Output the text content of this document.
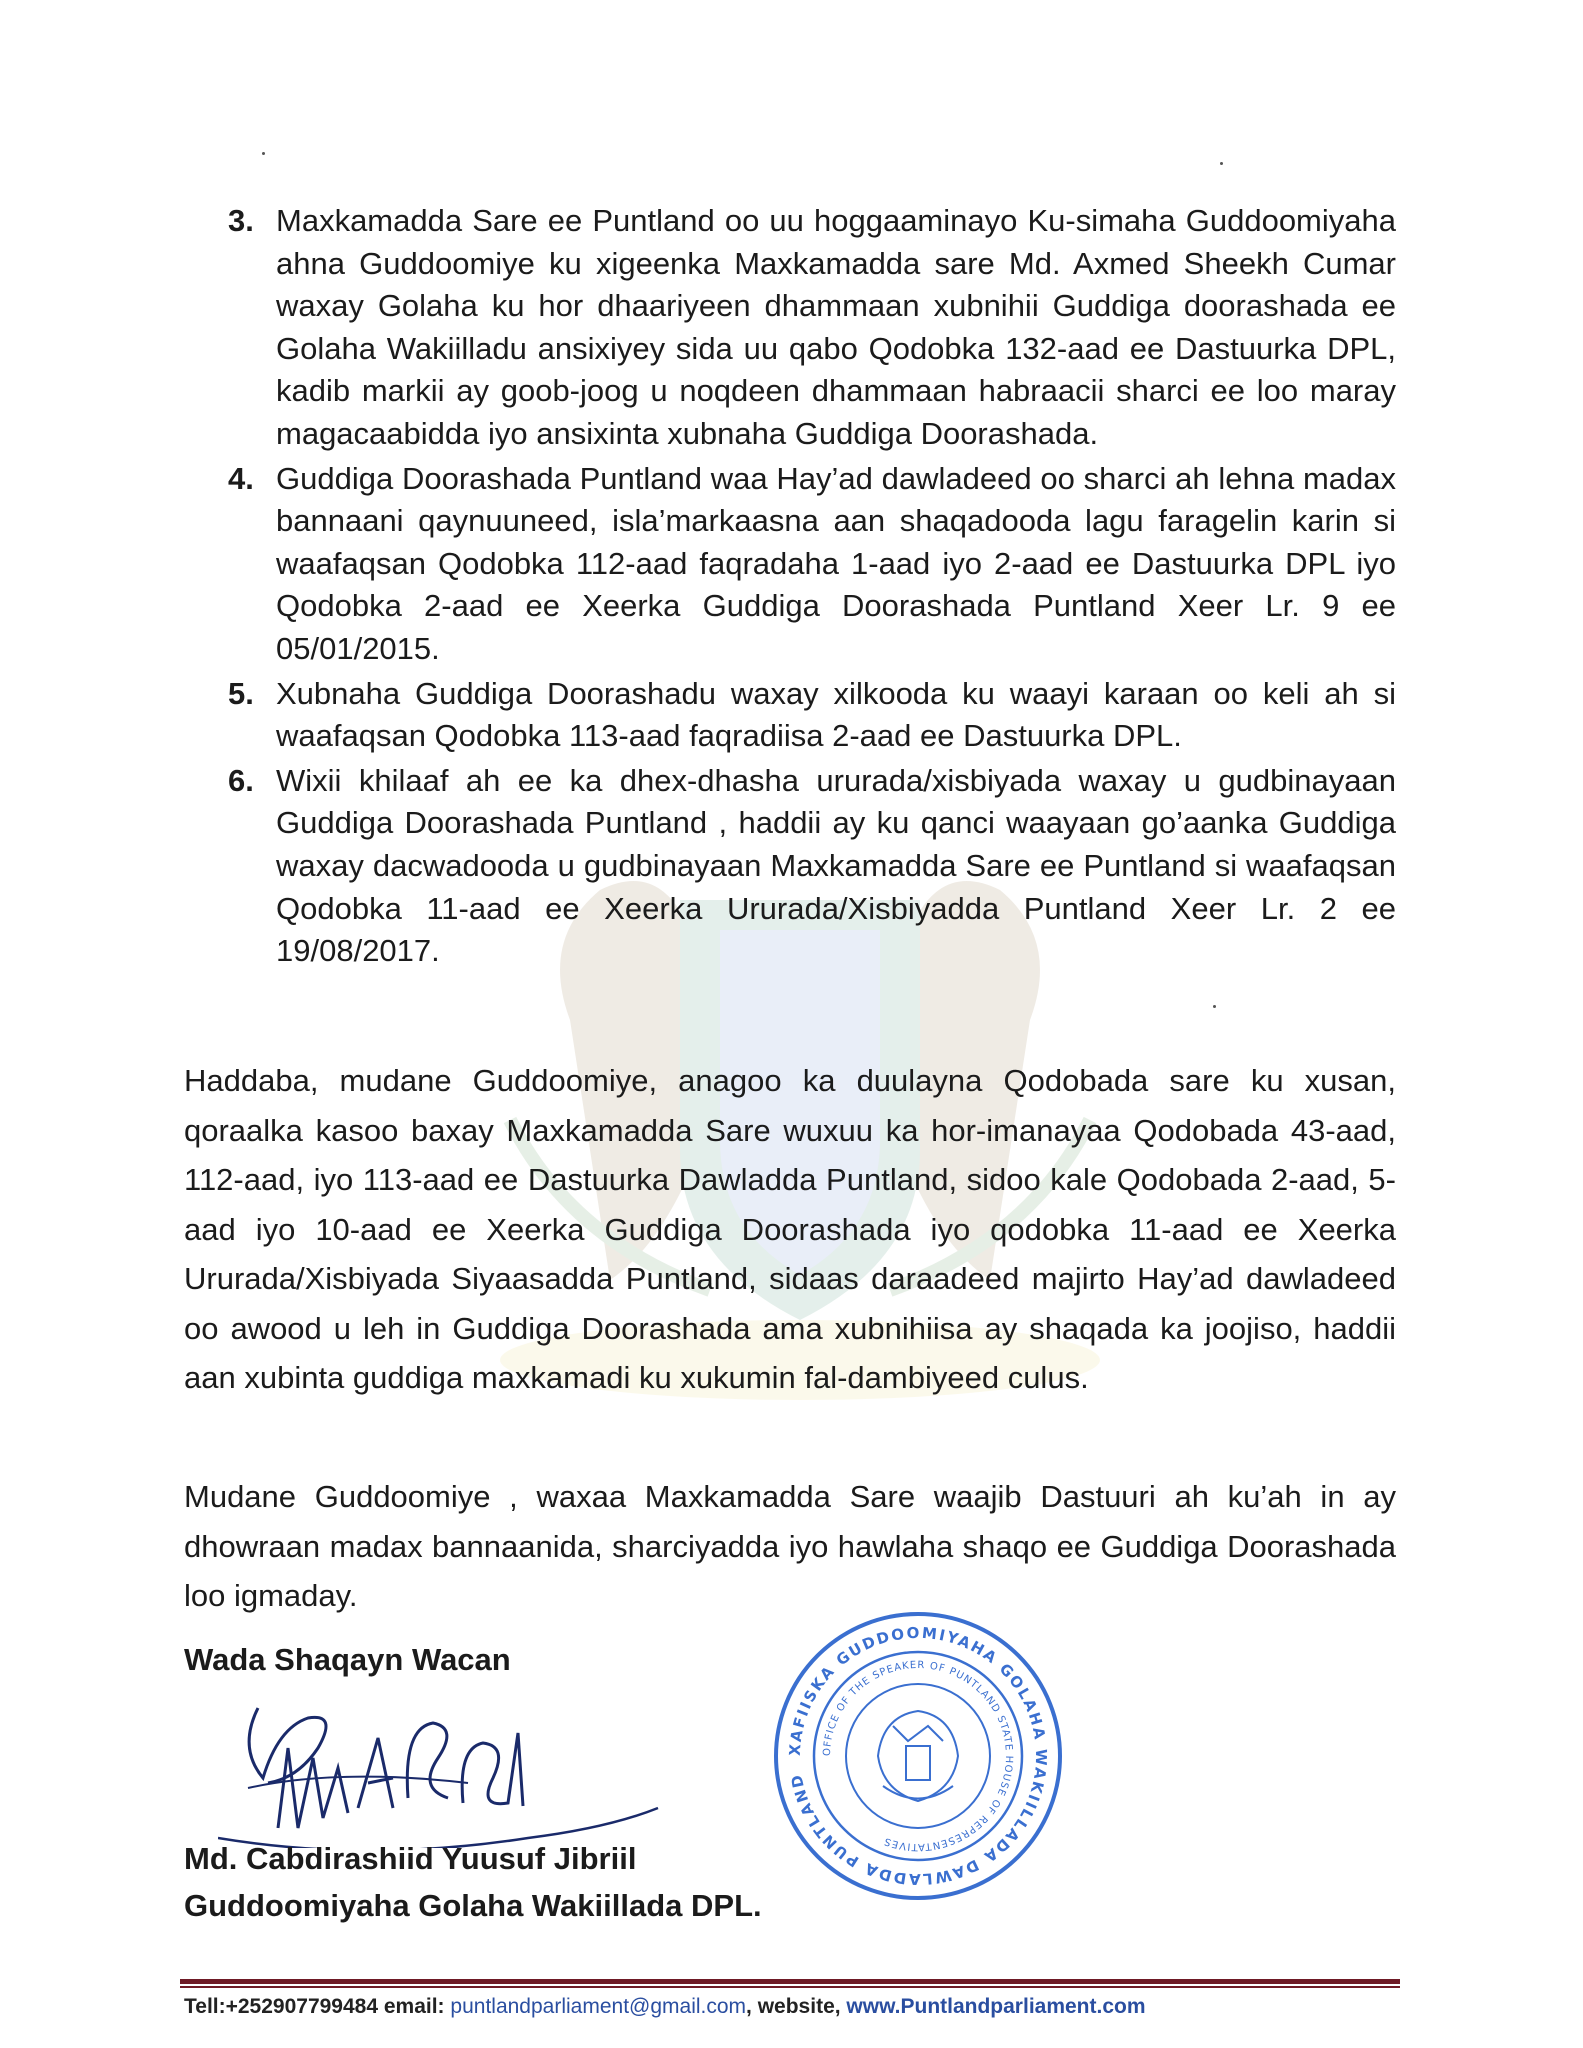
3. Maxkamadda Sare ee Puntland oo uu hoggaaminayo Ku-simaha Guddoomiyaha ahna Guddoomiye ku xigeenka Maxkamadda sare Md. Axmed Sheekh Cumar waxay Golaha ku hor dhaariyeen dhammaan xubnihii Guddiga doorashada ee Golaha Wakiilladu ansixiyey sida uu qabo Qodobka 132-aad ee Dastuurka DPL, kadib markii ay goob-joog u noqdeen dhammaan habraacii sharci ee loo maray magacaabidda iyo ansixinta xubnaha Guddiga Doorashada.
4. Guddiga Doorashada Puntland waa Hay’ad dawladeed oo sharci ah lehna madax bannaani qaynuuneed, isla’markaasna aan shaqadooda lagu faragelin karin si waafaqsan Qodobka 112-aad faqradaha 1-aad iyo 2-aad ee Dastuurka DPL iyo Qodobka 2-aad ee Xeerka Guddiga Doorashada Puntland Xeer Lr. 9 ee 05/01/2015.
5. Xubnaha Guddiga Doorashadu waxay xilkooda ku waayi karaan oo keli ah si waafaqsan Qodobka 113-aad faqradiisa 2-aad ee Dastuurka DPL.
6. Wixii khilaaf ah ee ka dhex-dhasha ururada/xisbiyada waxay u gudbinayaan Guddiga Doorashada Puntland , haddii ay ku qanci waayaan go’aanka Guddiga waxay dacwadooda u gudbinayaan Maxkamadda Sare ee Puntland si waafaqsan Qodobka 11-aad ee Xeerka Ururada/Xisbiyadda Puntland Xeer Lr. 2 ee 19/08/2017.

Haddaba, mudane Guddoomiye, anagoo ka duulayna Qodobada sare ku xusan, qoraalka kasoo baxay Maxkamadda Sare wuxuu ka hor-imanayaa Qodobada 43-aad, 112-aad, iyo 113-aad ee Dastuurka Dawladda Puntland, sidoo kale Qodobada 2-aad, 5-aad iyo 10-aad ee Xeerka Guddiga Doorashada iyo qodobka 11-aad ee Xeerka Ururada/Xisbiyada Siyaasadda Puntland, sidaas daraadeed majirto Hay’ad dawladeed oo awood u leh in Guddiga Doorashada ama xubnihiisa ay shaqada ka joojiso, haddii aan xubinta guddiga maxkamadi ku xukumin fal-dambiyeed culus.

Mudane Guddoomiye , waxaa Maxkamadda Sare waajib Dastuuri ah ku’ah in ay dhowraan madax bannaanida, sharciyadda iyo hawlaha shaqo ee Guddiga Doorashada loo igmaday.

Wada Shaqayn Wacan

Md. Cabdirashiid Yuusuf Jibriil
Guddoomiyaha Golaha Wakiillada DPL.
XAFIISKA GUDDOOMIYAHA GOLAHA WAKIILLADA DAWLADDA PUNTLAND
OFFICE OF THE SPEAKER OF PUNTLAND STATE HOUSE OF REPRESENTATIVES
Tell:+252907799484 email: puntlandparliament@gmail.com, website, www.Puntlandparliament.com
